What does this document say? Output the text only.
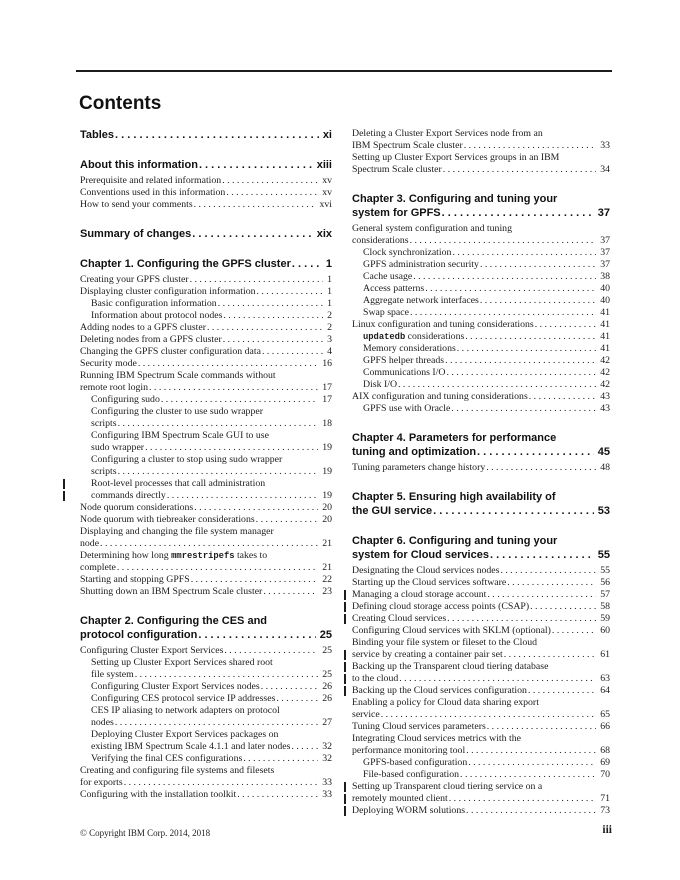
Contents
Tables . . .	xi
About this information . . .	xiii
Prerequisite and related information . . .	xv
Conventions used in this information . . .	xv
How to send your comments . . .	xvi
Summary of changes . . .	xix
Chapter 1. Configuring the GPFS cluster . . .	1
Creating your GPFS cluster . . .	1
Displaying cluster configuration information . . .	1
Basic configuration information . . .	1
Information about protocol nodes . . .	2
Adding nodes to a GPFS cluster . . .	2
Deleting nodes from a GPFS cluster . . .	3
Changing the GPFS cluster configuration data . . .	4
Security mode . . .	16
Running IBM Spectrum Scale commands without
remote root login . . .	17
Configuring sudo . . .	17
Configuring the cluster to use sudo wrapper
scripts . . .	18
Configuring IBM Spectrum Scale GUI to use
sudo wrapper . . .	19
Configuring a cluster to stop using sudo wrapper
scripts . . .	19
Root-level processes that call administration
commands directly . . .	19
Node quorum considerations . . .	20
Node quorum with tiebreaker considerations . . .	20
Displaying and changing the file system manager
node . . .	21
Determining how long mmrestripefs takes to
complete . . .	21
Starting and stopping GPFS . . .	22
Shutting down an IBM Spectrum Scale cluster . . .	23
Chapter 2. Configuring the CES and
protocol configuration . . .	25
Configuring Cluster Export Services . . .	25
Setting up Cluster Export Services shared root
file system . . .	25
Configuring Cluster Export Services nodes . . .	26
Configuring CES protocol service IP addresses . . .	26
CES IP aliasing to network adapters on protocol
nodes . . .	27
Deploying Cluster Export Services packages on
existing IBM Spectrum Scale 4.1.1 and later nodes . . .	32
Verifying the final CES configurations . . .	32
Creating and configuring file systems and filesets
for exports . . .	33
Configuring with the installation toolkit . . .	33
Deleting a Cluster Export Services node from an
IBM Spectrum Scale cluster . . .	33
Setting up Cluster Export Services groups in an IBM
Spectrum Scale cluster . . .	34
Chapter 3. Configuring and tuning your
system for GPFS . . .	37
General system configuration and tuning
considerations . . .	37
Clock synchronization . . .	37
GPFS administration security . . .	37
Cache usage . . .	38
Access patterns . . .	40
Aggregate network interfaces . . .	40
Swap space . . .	41
Linux configuration and tuning considerations . . .	41
updatedb considerations . . .	41
Memory considerations . . .	41
GPFS helper threads . . .	42
Communications I/O . . .	42
Disk I/O . . .	42
AIX configuration and tuning considerations . . .	43
GPFS use with Oracle . . .	43
Chapter 4. Parameters for performance
tuning and optimization . . .	45
Tuning parameters change history . . .	48
Chapter 5. Ensuring high availability of
the GUI service . . .	53
Chapter 6. Configuring and tuning your
system for Cloud services . . .	55
Designating the Cloud services nodes . . .	55
Starting up the Cloud services software . . .	56
Managing a cloud storage account . . .	57
Defining cloud storage access points (CSAP) . . .	58
Creating Cloud services . . .	59
Configuring Cloud services with SKLM (optional) . . .	60
Binding your file system or fileset to the Cloud
service by creating a container pair set . . .	61
Backing up the Transparent cloud tiering database
to the cloud . . .	63
Backing up the Cloud services configuration . . .	64
Enabling a policy for Cloud data sharing export
service . . .	65
Tuning Cloud services parameters . . .	66
Integrating Cloud services metrics with the
performance monitoring tool . . .	68
GPFS-based configuration . . .	69
File-based configuration . . .	70
Setting up Transparent cloud tiering service on a
remotely mounted client . . .	71
Deploying WORM solutions . . .	73
© Copyright IBM Corp. 2014, 2018	iii
